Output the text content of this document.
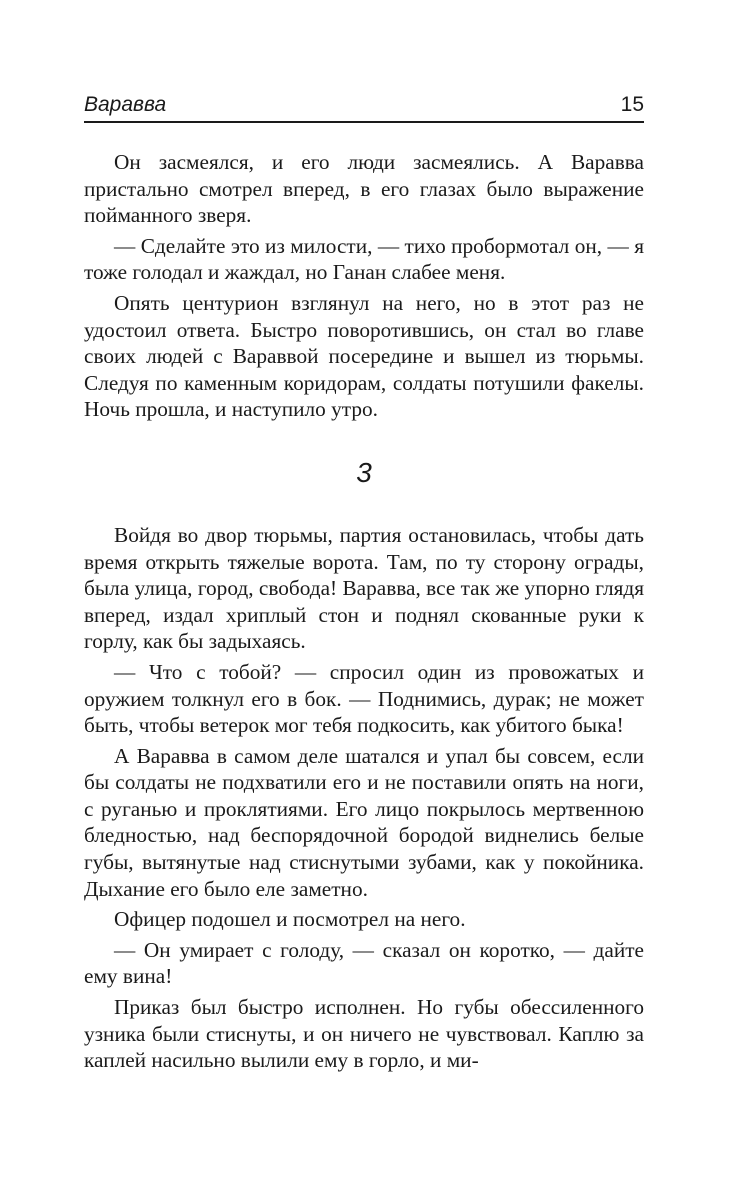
Варавва	15

Он засмеялся, и его люди засмеялись. А Варавва пристально смотрел вперед, в его глазах было выражение пойманного зверя.

— Сделайте это из милости, — тихо пробормотал он, — я тоже голодал и жаждал, но Ганан слабее меня.

Опять центурион взглянул на него, но в этот раз не удостоил ответа. Быстро поворотившись, он стал во главе своих людей с Вараввой посередине и вышел из тюрьмы. Следуя по каменным коридорам, солдаты потушили факелы. Ночь прошла, и наступило утро.

3

Войдя во двор тюрьмы, партия остановилась, чтобы дать время открыть тяжелые ворота. Там, по ту сторону ограды, была улица, город, свобода! Варавва, все так же упорно глядя вперед, издал хриплый стон и поднял скованные руки к горлу, как бы задыхаясь.

— Что с тобой? — спросил один из провожатых и оружием толкнул его в бок. — Поднимись, дурак; не может быть, чтобы ветерок мог тебя подкосить, как убитого быка!

А Варавва в самом деле шатался и упал бы совсем, если бы солдаты не подхватили его и не поставили опять на ноги, с руганью и проклятиями. Его лицо покрылось мертвенною бледностью, над беспорядочной бородой виднелись белые губы, вытянутые над стиснутыми зубами, как у покойника. Дыхание его было еле заметно.

Офицер подошел и посмотрел на него.

— Он умирает с голоду, — сказал он коротко, — дайте ему вина!

Приказ был быстро исполнен. Но губы обессиленного узника были стиснуты, и он ничего не чувствовал. Каплю за каплей насильно вылили ему в горло, и ми-
